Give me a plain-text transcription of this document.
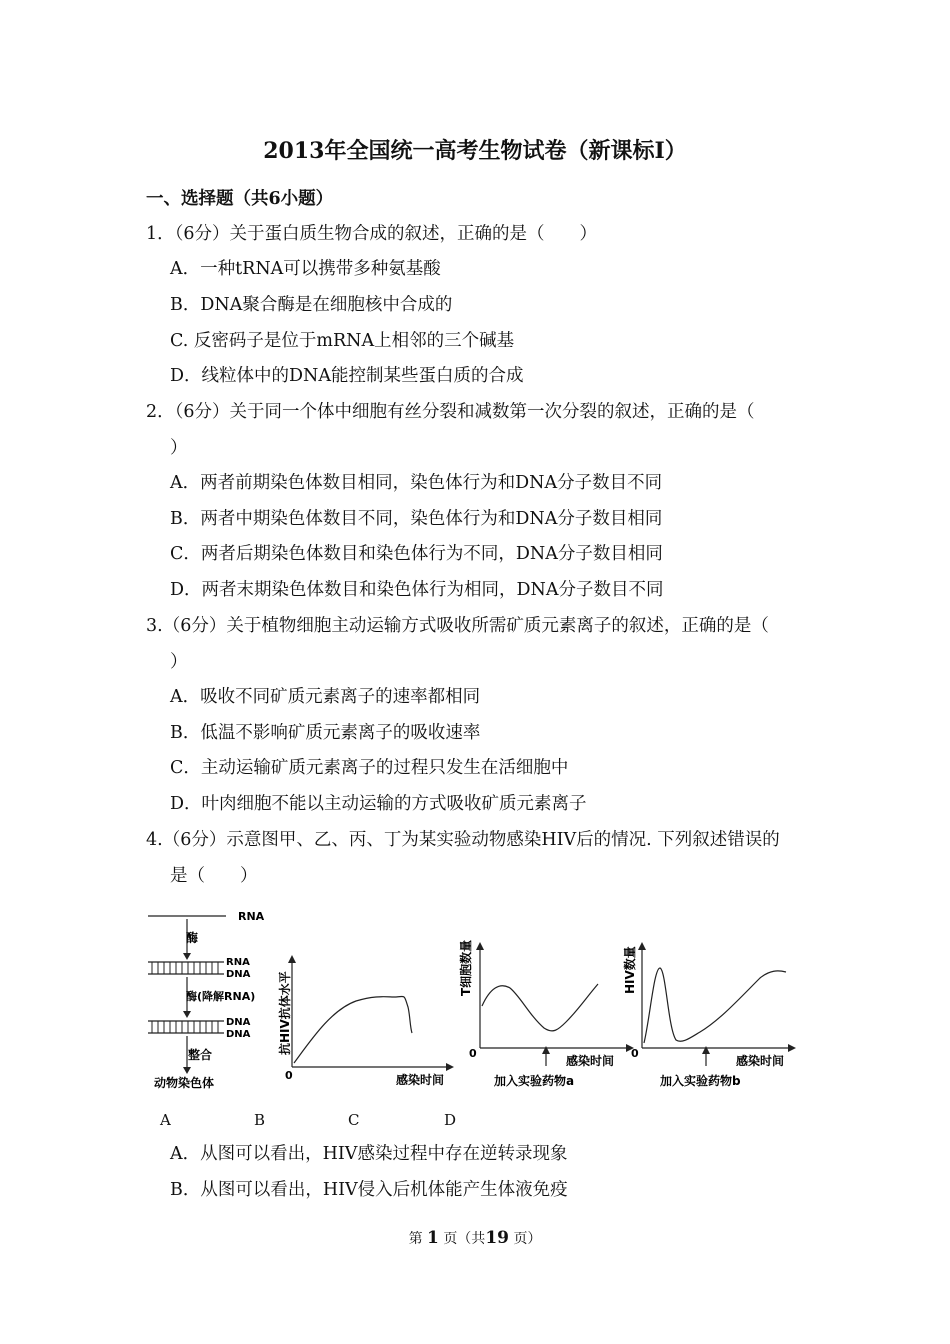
2013年全国统一高考生物试卷（新课标Ⅰ）
一、选择题（共6小题）
1．（6分）关于蛋白质生物合成的叙述，正确的是（　　）
A．一种tRNA可以携带多种氨基酸
B．DNA聚合酶是在细胞核中合成的
C. 反密码子是位于mRNA上相邻的三个碱基
D．线粒体中的DNA能控制某些蛋白质的合成
2．（6分）关于同一个体中细胞有丝分裂和减数第一次分裂的叙述，正确的是（
）
A．两者前期染色体数目相同，染色体行为和DNA分子数目不同
B．两者中期染色体数目不同，染色体行为和DNA分子数目相同
C．两者后期染色体数目和染色体行为不同，DNA分子数目相同
D．两者末期染色体数目和染色体行为相同，DNA分子数目不同
3.（6分）关于植物细胞主动运输方式吸收所需矿质元素离子的叙述，正确的是（
）
A．吸收不同矿质元素离子的速率都相同
B．低温不影响矿质元素离子的吸收速率
C．主动运输矿质元素离子的过程只发生在活细胞中
D．叶肉细胞不能以主动运输的方式吸收矿质元素离子
4.（6分）示意图甲、乙、丙、丁为某实验动物感染HIV后的情况. 下列叙述错误的
是（　　）
RNA
酶
RNA
DNA
酶(降解RNA)
DNA
DNA
整合
动物染色体
抗HIV抗体水平
0	感染时间
T细胞数量
0
感染时间
加入实验药物a
HIV数量
0
感染时间
加入实验药物b
A	B	C	D
A．从图可以看出，HIV感染过程中存在逆转录现象
B．从图可以看出，HIV侵入后机体能产生体液免疫
第 1 页（共19 页）
